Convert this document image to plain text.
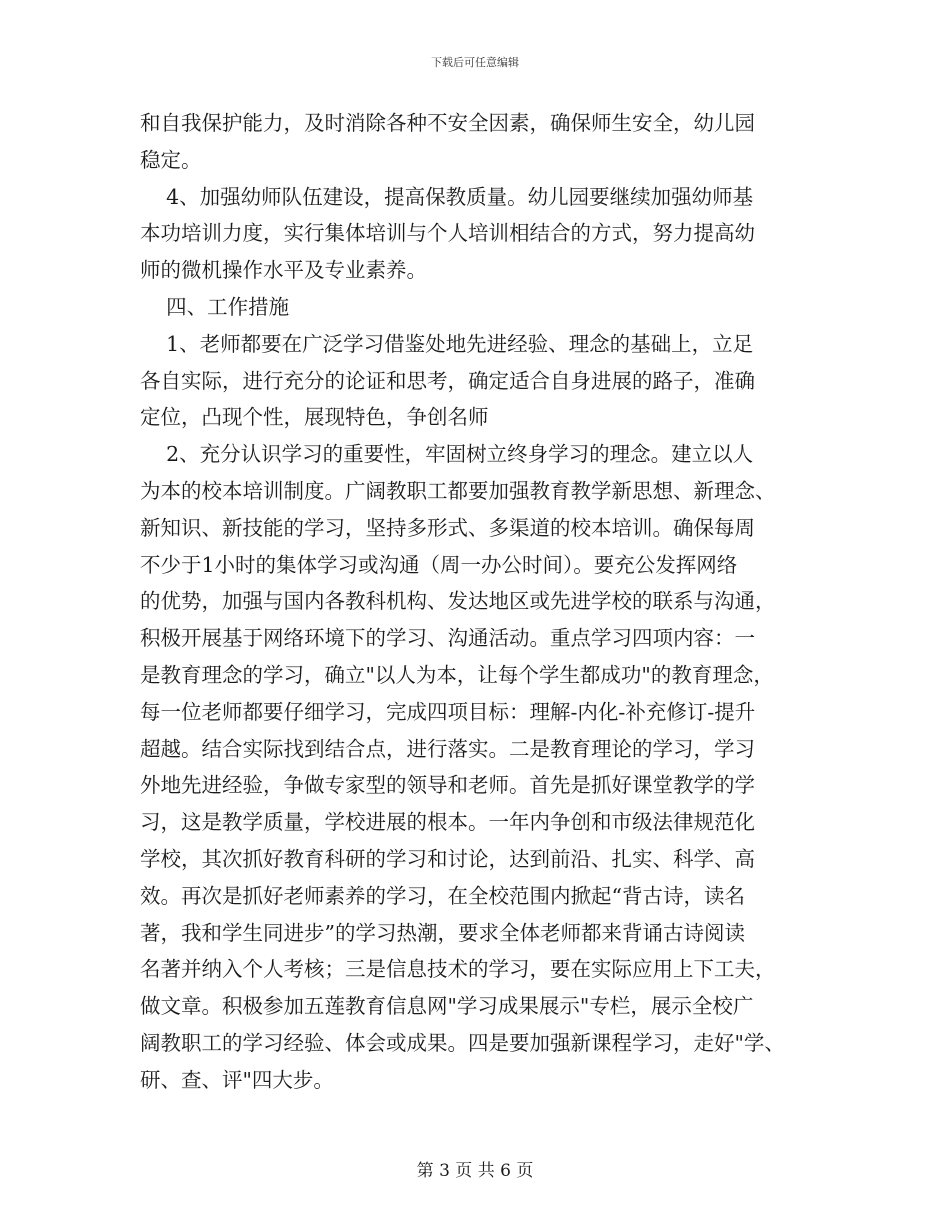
下载后可任意编辑
和自我保护能力，及时消除各种不安全因素，确保师生安全，幼儿园
稳定。
4、加强幼师队伍建设，提高保教质量。幼儿园要继续加强幼师基
本功培训力度，实行集体培训与个人培训相结合的方式，努力提高幼
师的微机操作水平及专业素养。
四、工作措施
1、老师都要在广泛学习借鉴处地先进经验、理念的基础上，立足
各自实际，进行充分的论证和思考，确定适合自身进展的路子，准确
定位，凸现个性，展现特色，争创名师
2、充分认识学习的重要性，牢固树立终身学习的理念。建立以人
为本的校本培训制度。广阔教职工都要加强教育教学新思想、新理念、
新知识、新技能的学习，坚持多形式、多渠道的校本培训。确保每周
不少于1小时的集体学习或沟通（周一办公时间）。要充公发挥网络
的优势，加强与国内各教科机构、发达地区或先进学校的联系与沟通，
积极开展基于网络环境下的学习、沟通活动。重点学习四项内容：一
是教育理念的学习，确立"以人为本，让每个学生都成功"的教育理念，
每一位老师都要仔细学习，完成四项目标：理解-内化-补充修订-提升
超越。结合实际找到结合点，进行落实。二是教育理论的学习，学习
外地先进经验，争做专家型的领导和老师。首先是抓好课堂教学的学
习，这是教学质量，学校进展的根本。一年内争创和市级法律规范化
学校，其次抓好教育科研的学习和讨论，达到前沿、扎实、科学、高
效。再次是抓好老师素养的学习，在全校范围内掀起“背古诗，读名
著，我和学生同进步”的学习热潮，要求全体老师都来背诵古诗阅读
名著并纳入个人考核；三是信息技术的学习，要在实际应用上下工夫，
做文章。积极参加五莲教育信息网"学习成果展示"专栏，展示全校广
阔教职工的学习经验、体会或成果。四是要加强新课程学习，走好"学、
研、查、评"四大步。
第 3 页 共 6 页
